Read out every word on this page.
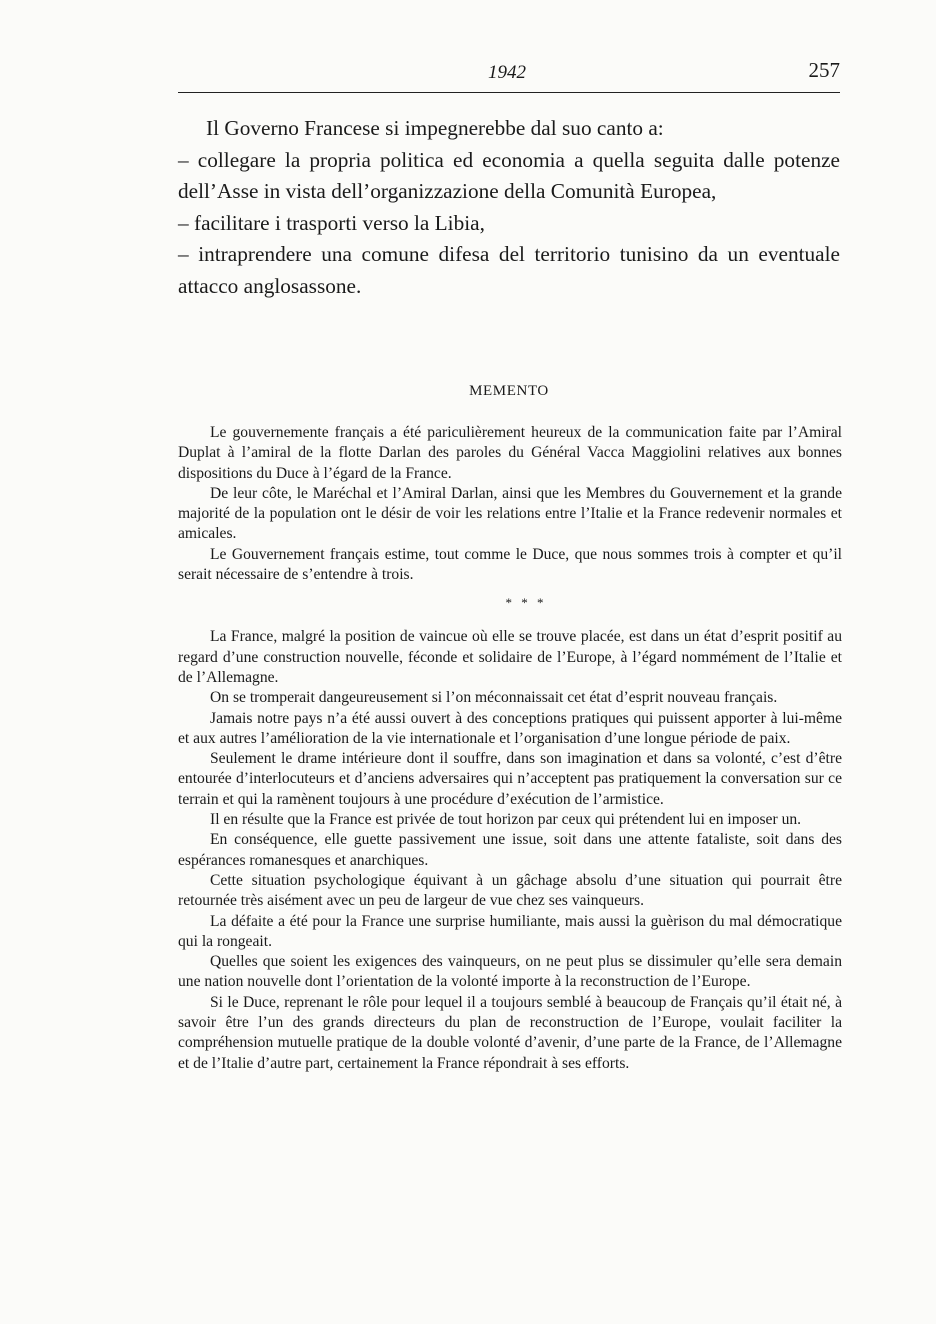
1942	257

Il Governo Francese si impegnerebbe dal suo canto a:

– collegare la propria politica ed economia a quella seguita dalle potenze dell’Asse in vista dell’organizzazione della Comunità Europea,

– facilitare i trasporti verso la Libia,

– intraprendere una comune difesa del territorio tunisino da un eventuale attacco anglosassone.

MEMENTO

Le gouvernemente français a été pariculièrement heureux de la communication faite par l’Amiral Duplat à l’amiral de la flotte Darlan des paroles du Général Vacca Maggiolini relatives aux bonnes dispositions du Duce à l’égard de la France.

De leur côte, le Maréchal et l’Amiral Darlan, ainsi que les Membres du Gouvernement et la grande majorité de la population ont le désir de voir les relations entre l’Italie et la France redevenir normales et amicales.

Le Gouvernement français estime, tout comme le Duce, que nous sommes trois à compter et qu’il serait nécessaire de s’entendre à trois.

* * *

La France, malgré la position de vaincue où elle se trouve placée, est dans un état d’esprit positif au regard d’une construction nouvelle, féconde et solidaire de l’Europe, à l’égard nommément de l’Italie et de l’Allemagne.

On se tromperait dangeureusement si l’on méconnaissait cet état d’esprit nouveau français.

Jamais notre pays n’a été aussi ouvert à des conceptions pratiques qui puissent apporter à lui-même et aux autres l’amélioration de la vie internationale et l’organisation d’une longue période de paix.

Seulement le drame intérieure dont il souffre, dans son imagination et dans sa volonté, c’est d’être entourée d’interlocuteurs et d’anciens adversaires qui n’acceptent pas pratiquement la conversation sur ce terrain et qui la ramènent toujours à une procédure d’exécution de l’armistice.

Il en résulte que la France est privée de tout horizon par ceux qui prétendent lui en imposer un.

En conséquence, elle guette passivement une issue, soit dans une attente fataliste, soit dans des espérances romanesques et anarchiques.

Cette situation psychologique équivant à un gâchage absolu d’une situation qui pourrait être retournée très aisément avec un peu de largeur de vue chez ses vainqueurs.

La défaite a été pour la France une surprise humiliante, mais aussi la guèrison du mal démocratique qui la rongeait.

Quelles que soient les exigences des vainqueurs, on ne peut plus se dissimuler qu’elle sera demain une nation nouvelle dont l’orientation de la volonté importe à la reconstruction de l’Europe.

Si le Duce, reprenant le rôle pour lequel il a toujours semblé à beaucoup de Français qu’il était né, à savoir être l’un des grands directeurs du plan de reconstruction de l’Europe, voulait faciliter la compréhension mutuelle pratique de la double volonté d’avenir, d’une parte de la France, de l’Allemagne et de l’Italie d’autre part, certainement la France répondrait à ses efforts.
